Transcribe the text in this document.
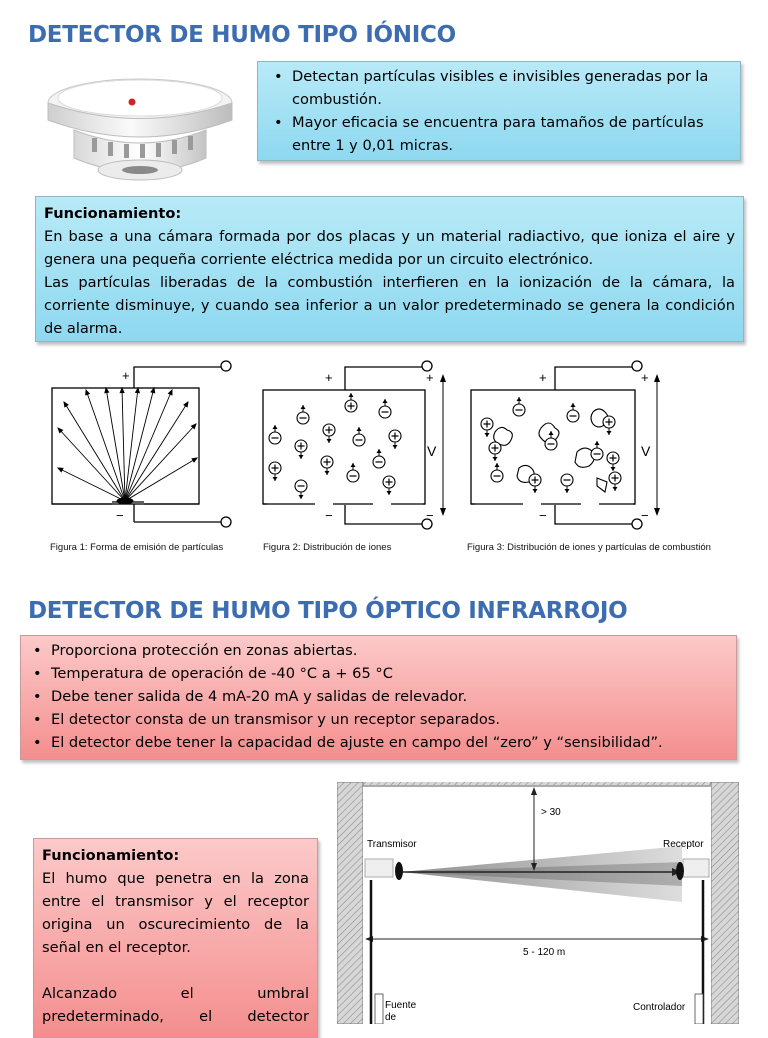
DETECTOR DE HUMO TIPO IÓNICO
• Detectan partículas visibles e invisibles generadas por la combustión.
• Mayor eficacia se encuentra para tamaños de partículas entre 1 y 0,01 micras.
Funcionamiento:
En base a una cámara formada por dos placas y un material radiactivo, que ioniza el aire y genera una pequeña corriente eléctrica medida por un circuito electrónico.
Las partículas liberadas de la combustión interfieren en la ionización de la cámara, la corriente disminuye, y cuando sea inferior a un valor predeterminado se genera la condición de alarma.
+
−
Figura 1: Forma de emisión de partículas
+	+
−	−
V
Figura 2: Distribución de iones
+	+
−	−
V
Figura 3: Distribución de iones y partículas de combustión
DETECTOR DE HUMO TIPO ÓPTICO INFRARROJO
• Proporciona protección en zonas abiertas.
• Temperatura de operación de -40 °C a + 65 °C
• Debe tener salida de 4 mA-20 mA y salidas de relevador.
• El detector consta de un transmisor y un receptor separados.
• El detector debe tener la capacidad de ajuste en campo del “zero” y “sensibilidad”.
Funcionamiento:
El humo que penetra en la zona entre el transmisor y el receptor origina un oscurecimiento de la señal en el receptor.
Alcanzado el umbral predeterminado, el detector
> 30
Transmisor	Receptor
5 - 120 m
Fuente
de
Controlador
